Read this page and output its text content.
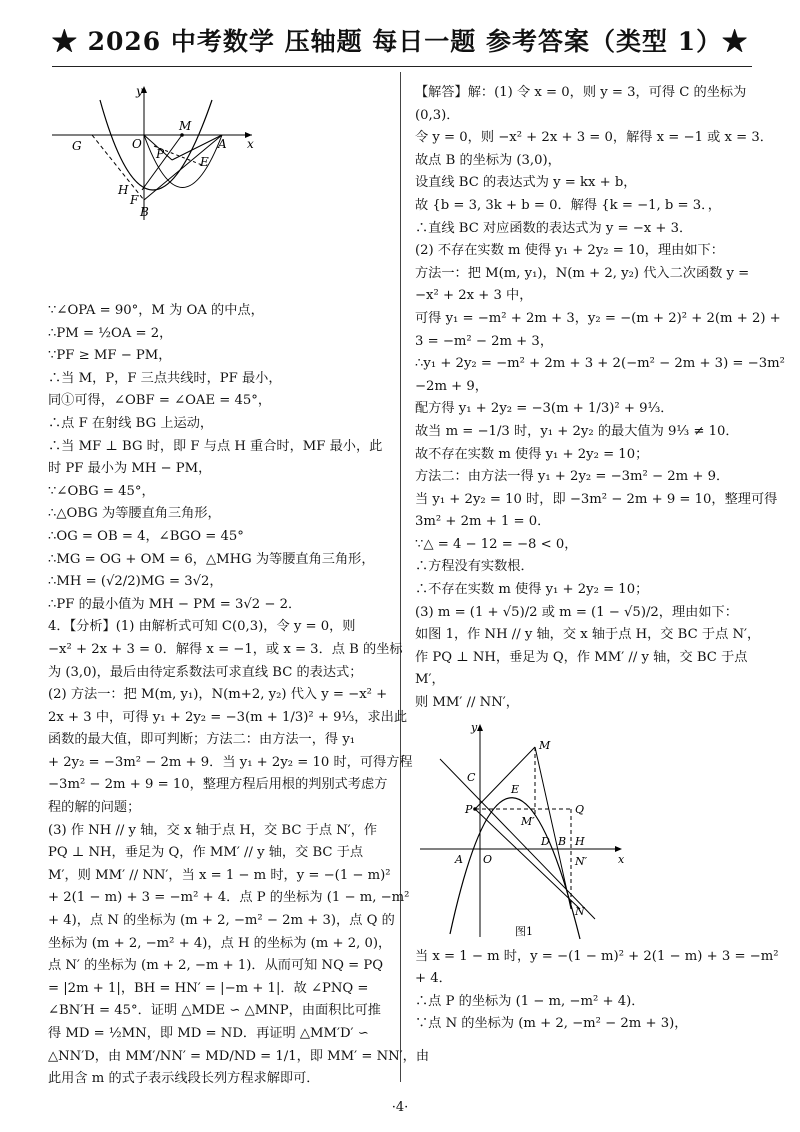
★ 2026 中考数学 压轴题 每日一题 参考答案（类型 1）★
y
x
O	A
M
P
G
E
H
F
B
∵∠OPA = 90°，M 为 OA 的中点，
∴PM = ½OA = 2，
∵PF ≥ MF − PM，
∴当 M，P，F 三点共线时，PF 最小，
同①可得，∠OBF = ∠OAE = 45°，
∴点 F 在射线 BG 上运动，
∴当 MF ⊥ BG 时，即 F 与点 H 重合时，MF 最小，此
时 PF 最小为 MH − PM，
∵∠OBG = 45°，
∴△OBG 为等腰直角三角形，
∴OG = OB = 4，∠BGO = 45°
∴MG = OG + OM = 6，△MHG 为等腰直角三角形，
∴MH = (√2/2)MG = 3√2，
∴PF 的最小值为 MH − PM = 3√2 − 2．
4．【分析】(1) 由解析式可知 C(0,3)，令 y = 0，则
−x² + 2x + 3 = 0．解得 x = −1，或 x = 3．点 B 的坐标
为 (3,0)，最后由待定系数法可求直线 BC 的表达式；
(2) 方法一：把 M(m, y₁)，N(m+2, y₂) 代入 y = −x² +
2x + 3 中，可得 y₁ + 2y₂ = −3(m + 1/3)² + 9⅓，求出此
函数的最大值，即可判断；方法二：由方法一，得 y₁
+ 2y₂ = −3m² − 2m + 9．当 y₁ + 2y₂ = 10 时，可得方程
−3m² − 2m + 9 = 10，整理方程后用根的判别式考虑方
程的解的问题；
(3) 作 NH // y 轴，交 x 轴于点 H，交 BC 于点 N′，作
PQ ⊥ NH，垂足为 Q，作 MM′ // y 轴，交 BC 于点
M′，则 MM′ // NN′，当 x = 1 − m 时，y = −(1 − m)²
+ 2(1 − m) + 3 = −m² + 4．点 P 的坐标为 (1 − m, −m²
+ 4)，点 N 的坐标为 (m + 2, −m² − 2m + 3)，点 Q 的
坐标为 (m + 2, −m² + 4)，点 H 的坐标为 (m + 2, 0)，
点 N′ 的坐标为 (m + 2, −m + 1)．从而可知 NQ = PQ
= |2m + 1|，BH = HN′ = |−m + 1|．故 ∠PNQ =
∠BN′H = 45°．证明 △MDE ∽ △MNP，由面积比可推
得 MD = ½MN，即 MD = ND．再证明 △MM′D′ ∽
△NN′D，由 MM′/NN′ = MD/ND = 1/1，即 MM′ = NN′，由
此用含 m 的式子表示线段长列方程求解即可．
【解答】解：(1) 令 x = 0，则 y = 3，可得 C 的坐标为
(0,3)．
令 y = 0，则 −x² + 2x + 3 = 0，解得 x = −1 或 x = 3．
故点 B 的坐标为 (3,0)，
设直线 BC 的表达式为 y = kx + b，
故 {b = 3, 3k + b = 0．解得 {k = −1, b = 3．，
∴直线 BC 对应函数的表达式为 y = −x + 3．
(2) 不存在实数 m 使得 y₁ + 2y₂ = 10，理由如下：
方法一：把 M(m, y₁)，N(m + 2, y₂) 代入二次函数 y =
−x² + 2x + 3 中，
可得 y₁ = −m² + 2m + 3，y₂ = −(m + 2)² + 2(m + 2) +
3 = −m² − 2m + 3，
∴y₁ + 2y₂ = −m² + 2m + 3 + 2(−m² − 2m + 3) = −3m²
−2m + 9，
配方得 y₁ + 2y₂ = −3(m + 1/3)² + 9⅓．
故当 m = −1/3 时，y₁ + 2y₂ 的最大值为 9⅓ ≠ 10．
故不存在实数 m 使得 y₁ + 2y₂ = 10；
方法二：由方法一得 y₁ + 2y₂ = −3m² − 2m + 9．
当 y₁ + 2y₂ = 10 时，即 −3m² − 2m + 9 = 10，整理可得
3m² + 2m + 1 = 0．
∵△ = 4 − 12 = −8 < 0，
∴方程没有实数根．
∴不存在实数 m 使得 y₁ + 2y₂ = 10；
(3) m = (1 + √5)/2 或 m = (1 − √5)/2，理由如下：
如图 1，作 NH // y 轴，交 x 轴于点 H，交 BC 于点 N′，
作 PQ ⊥ NH，垂足为 Q，作 MM′ // y 轴，交 BC 于点
M′，
则 MM′ // NN′，
y
x
O
A
M
C
E
P	Q
M′
D B H
N′
N
图1
当 x = 1 − m 时，y = −(1 − m)² + 2(1 − m) + 3 = −m²
+ 4．
∴点 P 的坐标为 (1 − m, −m² + 4)．
∵点 N 的坐标为 (m + 2, −m² − 2m + 3)，
·4·
